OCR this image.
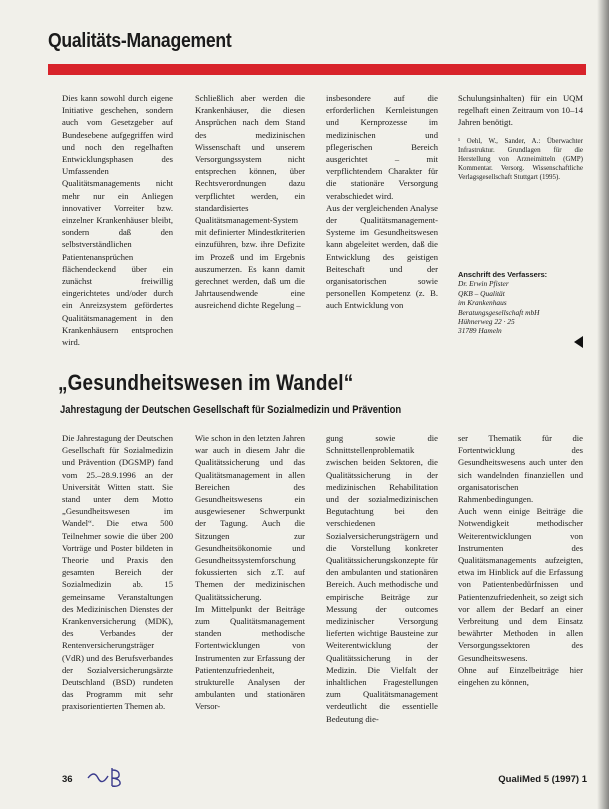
Qualitäts-Management

Dies kann sowohl durch eigene Initiative geschehen, sondern auch vom Gesetzgeber auf Bundesebene aufgegriffen wird und noch den regelhaften Entwicklungsphasen des Umfassenden Qualitätsmanagements nicht mehr nur ein Anliegen innovativer Vorreiter bzw. einzelner Krankenhäuser bleibt, sondern daß den selbstverständlichen Patientenansprüchen flächendeckend über ein zunächst freiwillig eingerichtetes und/oder durch ein Anreizsystem gefördertes Qualitätsmanagement in den Krankenhäusern entsprochen wird.

Schließlich aber werden die Krankenhäuser, die diesen Ansprüchen nach dem Stand des medizinischen Wissenschaft und unserem Versorgungssystem nicht entsprechen können, über Rechtsverordnungen dazu verpflichtet werden, ein standardisiertes Qualitätsmanagement-System mit definierter Mindestkriterien einzuführen, bzw. ihre Defizite im Prozeß und im Ergebnis auszumerzen. Es kann damit gerechnet werden, daß um die Jahrtausendwende eine ausreichend dichte Regelung –

insbesondere auf die erforderlichen Kernleistungen und Kernprozesse im medizinischen und pflegerischen Bereich ausgerichtet – mit verpflichtendem Charakter für die stationäre Versorgung verabschiedet wird.
Aus der vergleichenden Analyse der Qualitätsmanagement-Systeme im Gesundheitswesen kann abgeleitet werden, daß die Entwicklung des geistigen Beiteschaft und der organisatorischen sowie personellen Kompetenz (z. B. auch Entwicklung von

Schulungsinhalten) für ein UQM regelhaft einen Zeitraum von 10–14 Jahren benötigt.
¹ Oehl, W., Sander, A.: Überwachter Infrastruktur. Grundlagen für die Herstellung von Arzneimitteln (GMP) Kommentar. Versorg. Wissenschaftliche Verlagsgesellschaft Stuttgart (1995).
Anschrift des Verfassers:
Dr. Erwin Pfister
QKB – Qualität
im Krankenhaus
Beratungsgesellschaft mbH
Hühnerweg 22 · 25
31789 Hameln
„Gesundheitswesen im Wandel“
Jahrestagung der Deutschen Gesellschaft für Sozialmedizin und Prävention

Die Jahrestagung der Deutschen Gesellschaft für Sozialmedizin und Prävention (DGSMP) fand vom 25.–28.9.1996 an der Universität Witten statt. Sie stand unter dem Motto „Gesundheitswesen im Wandel“. Die etwa 500 Teilnehmer sowie die über 200 Vorträge und Poster bildeten in Theorie und Praxis den gesamten Bereich der Sozialmedizin ab. 15 gemeinsame Veranstaltungen des Medizinischen Dienstes der Krankenversicherung (MDK), des Verbandes der Rentenversicherungsträger (VdR) und des Berufsverbandes der Sozialversicherungsärzte Deutschland (BSD) rundeten das Programm mit sehr praxisorientierten Themen ab.

Wie schon in den letzten Jahren war auch in diesem Jahr die Qualitätssicherung und das Qualitätsmanagement in allen Bereichen des Gesundheitswesens ein ausgewiesener Schwerpunkt der Tagung. Auch die Sitzungen zur Gesundheitsökonomie und Gesundheitssystemforschung fokussierten sich z.T. auf Themen der medizinischen Qualitätssicherung.
Im Mittelpunkt der Beiträge zum Qualitätsmanagement standen methodische Fortentwicklungen von Instrumenten zur Erfassung der Patientenzufriedenheit, strukturelle Analysen der ambulanten und stationären Versor-

gung sowie die Schnittstellenproblematik zwischen beiden Sektoren, die Qualitätssicherung in der medizinischen Rehabilitation und der sozialmedizinischen Begutachtung bei den verschiedenen Sozialversicherungsträgern und die Vorstellung konkreter Qualitätssicherungskonzepte für den ambulanten und stationären Bereich. Auch methodische und empirische Beiträge zur Messung der outcomes medizinischer Versorgung lieferten wichtige Bausteine zur Weiterentwicklung der Qualitätssicherung in der Medizin. Die Vielfalt der inhaltlichen Fragestellungen zum Qualitätsmanagement verdeutlicht die essentielle Bedeutung die-

ser Thematik für die Fortentwicklung des Gesundheitswesens auch unter den sich wandelnden finanziellen und organisatorischen Rahmenbedingungen.
Auch wenn einige Beiträge die Notwendigkeit methodischer Weiterentwicklungen von Instrumenten des Qualitätsmanagements aufzeigten, etwa im Hinblick auf die Erfassung von Patientenbedürfnissen und Patientenzufriedenheit, so zeigt sich vor allem der Bedarf an einer Verbreitung und dem Einsatz bewährter Methoden in allen Versorgungssektoren des Gesundheitswesens.
Ohne auf Einzelbeiträge hier eingehen zu können,

36	QualiMed 5 (1997) 1
